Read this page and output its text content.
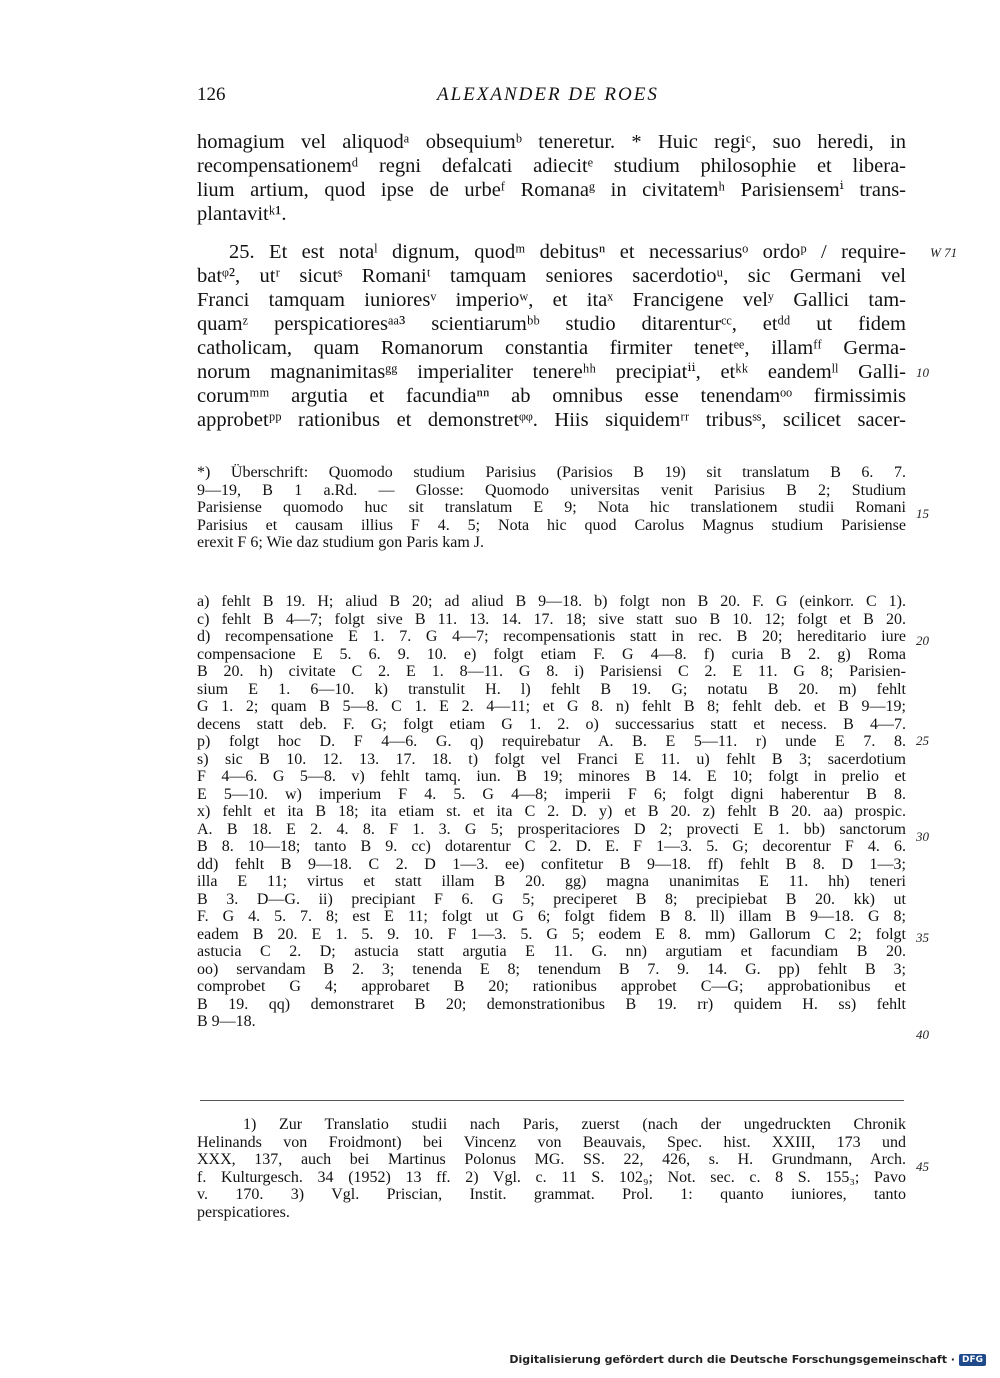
126	ALEXANDER DE ROES
homagium vel aliquodᵃ obsequiumᵇ teneretur. * Huic regiᶜ, suo heredi, in
recompensationemᵈ regni defalcati adiecitᵉ studium philosophie et libera-
lium artium, quod ipse de urbeᶠ Romanaᵍ in civitatemʰ Parisiensemⁱ trans-
plantavitᵏ¹.
25. Et est notaˡ dignum, quodᵐ debitusⁿ et necessariusᵒ ordoᵖ / require-
batᵠ², utʳ sicutˢ Romaniᵗ tamquam seniores sacerdotioᵘ, sic Germani vel
Franci tamquam iunioresᵛ imperioʷ, et itaˣ Francigene velʸ Gallici tam-
quamᶻ perspicatioresᵃᵃ³ scientiarumᵇᵇ studio ditarenturᶜᶜ, etᵈᵈ ut fidem
catholicam, quam Romanorum constantia firmiter tenetᵉᵉ, illamᶠᶠ Germa-
norum magnanimitasᵍᵍ imperialiter tenereʰʰ precipiatⁱⁱ, etᵏᵏ eandemˡˡ Galli-
corumᵐᵐ argutia et facundiaⁿⁿ ab omnibus esse tenendamᵒᵒ firmissimis
approbetᵖᵖ rationibus et demonstretᵠᵠ. Hiis siquidemʳʳ tribusˢˢ, scilicet sacer-
W 71
10
15
20
25
30
35
40
45
*) Überschrift: Quomodo studium Parisius (Parisios B 19) sit translatum B 6. 7.
9—19, B 1 a.Rd. — Glosse: Quomodo universitas venit Parisius B 2; Studium
Parisiense quomodo huc sit translatum E 9; Nota hic translationem studii Romani
Parisius et causam illius F 4. 5; Nota hic quod Carolus Magnus studium Parisiense
erexit F 6; Wie daz studium gon Paris kam J.
a) fehlt B 19. H; aliud B 20; ad aliud B 9—18. b) folgt non B 20. F. G (einkorr. C 1).
c) fehlt B 4—7; folgt sive B 11. 13. 14. 17. 18; sive statt suo B 10. 12; folgt et B 20.
d) recompensatione E 1. 7. G 4—7; recompensationis statt in rec. B 20; hereditario iure
compensacione E 5. 6. 9. 10. e) folgt etiam F. G 4—8. f) curia B 2. g) Roma
B 20. h) civitate C 2. E 1. 8—11. G 8. i) Parisiensi C 2. E 11. G 8; Parisien-
sium E 1. 6—10. k) transtulit H. l) fehlt B 19. G; notatu B 20. m) fehlt
G 1. 2; quam B 5—8. C 1. E 2. 4—11; et G 8. n) fehlt B 8; fehlt deb. et B 9—19;
decens statt deb. F. G; folgt etiam G 1. 2. o) successarius statt et necess. B 4—7.
p) folgt hoc D. F 4—6. G. q) requirebatur A. B. E 5—11. r) unde E 7. 8.
s) sic B 10. 12. 13. 17. 18. t) folgt vel Franci E 11. u) fehlt B 3; sacerdotium
F 4—6. G 5—8. v) fehlt tamq. iun. B 19; minores B 14. E 10; folgt in prelio et
E 5—10. w) imperium F 4. 5. G 4—8; imperii F 6; folgt digni haberentur B 8.
x) fehlt et ita B 18; ita etiam st. et ita C 2. D. y) et B 20. z) fehlt B 20. aa) prospic.
A. B 18. E 2. 4. 8. F 1. 3. G 5; prosperitaciores D 2; provecti E 1. bb) sanctorum
B 8. 10—18; tanto B 9. cc) dotarentur C 2. D. E. F 1—3. 5. G; decorentur F 4. 6.
dd) fehlt B 9—18. C 2. D 1—3. ee) confitetur B 9—18. ff) fehlt B 8. D 1—3;
illa E 11; virtus et statt illam B 20. gg) magna unanimitas E 11. hh) teneri
B 3. D—G. ii) precipiant F 6. G 5; preciperet B 8; precipiebat B 20. kk) ut
F. G 4. 5. 7. 8; est E 11; folgt ut G 6; folgt fidem B 8. ll) illam B 9—18. G 8;
eadem B 20. E 1. 5. 9. 10. F 1—3. 5. G 5; eodem E 8. mm) Gallorum C 2; folgt
astucia C 2. D; astucia statt argutia E 11. G. nn) argutiam et facundiam B 20.
oo) servandam B 2. 3; tenenda E 8; tenendum B 7. 9. 14. G. pp) fehlt B 3;
comprobet G 4; approbaret B 20; rationibus approbet C—G; approbationibus et
B 19. qq) demonstraret B 20; demonstrationibus B 19. rr) quidem H. ss) fehlt
B 9—18.
1) Zur Translatio studii nach Paris, zuerst (nach der ungedruckten Chronik
Helinands von Froidmont) bei Vincenz von Beauvais, Spec. hist. XXIII, 173 und
XXX, 137, auch bei Martinus Polonus MG. SS. 22, 426, s. H. Grundmann, Arch.
f. Kulturgesch. 34 (1952) 13 ff. 2) Vgl. c. 11 S. 102₉; Not. sec. c. 8 S. 155₃; Pavo
v. 170. 3) Vgl. Priscian, Instit. grammat. Prol. 1: quanto iuniores, tanto
perspicatiores.
Digitalisierung gefördert durch die Deutsche Forschungsgemeinschaft · DFG
